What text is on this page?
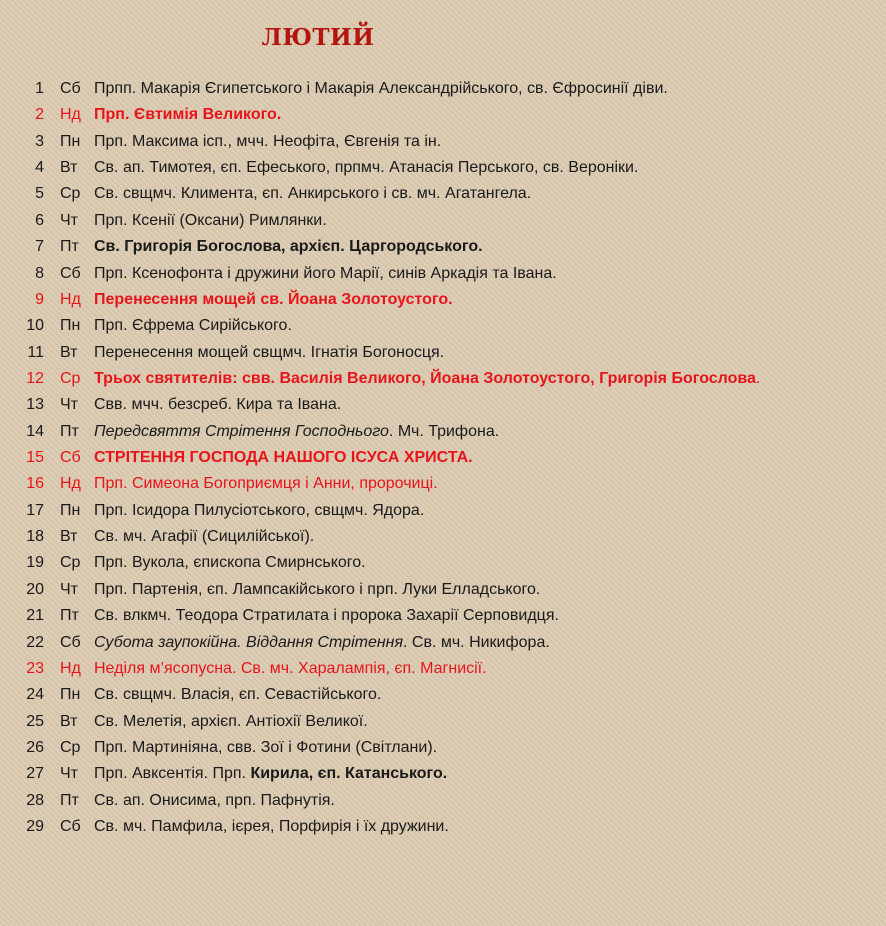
ЛЮТИЙ
1 Сб Прпп. Макарія Єгипетського і Макарія Александрійського, св. Єфросинії діви.
2 Нд Прп. Євтимія Великого.
3 Пн Прп. Максима ісп., мчч. Неофіта, Євгенія та ін.
4 Вт	Св. ап. Тимотея, єп. Ефеського, прпмч. Атанасія Перського, св. Вероніки.
5 Ср Св. свщмч. Климента, єп. Анкирського і св. мч. Агатангела.
6 Чт	Прп. Ксенії (Оксани) Римлянки.
7 Пт Св. Григорія Богослова, архієп. Царгородського.
8 Сб Прп. Ксенофонта і дружини його Марії, синів Аркадія та Івана.
9 Нд Перенесення мощей св. Йоана Золотоустого.
10 Пн Прп. Єфрема Сирійського.
11 Вт	Перенесення мощей свщмч. Ігнатія Богоносця.
12 Ср Трьох святителів: свв. Василія Великого, Йоана Золотоустого, Григорія Богослова.
13 Чт	Свв. мчч. безсреб. Кира та Івана.
14 Пт Передсвяття Стрітення Господнього. Мч. Трифона.
15 Сб СТРІТЕННЯ ГОСПОДА НАШОГО ІСУСА ХРИСТА.
16 Нд Прп. Симеона Богоприємця і Анни, пророчиці.
17 Пн Прп. Ісидора Пилусіотського, свщмч. Ядора.
18 Вт	Св. мч. Агафії (Сицилійської).
19 Ср Прп. Вукола, єпископа Смирнського.
20 Чт	Прп. Партенія, єп. Лампсакійського і прп. Луки Елладського.
21 Пт Св. влкмч. Теодора Стратилата і пророка Захарії Серповидця.
22 Сб Субота заупокійна. Віддання Стрітення. Св. мч. Никифора.
23 Нд Неділя м’ясопусна. Св. мч. Харалампія, єп. Магнисії.
24 Пн Св. свщмч. Власія, єп. Севастійського.
25 Вт	Св. Мелетія, архієп. Антіохії Великої.
26 Ср Прп. Мартиніяна, свв. Зої і Фотини (Світлани).
27 Чт	Прп. Авксентія. Прп. Кирила, єп. Катанського.
28 Пт Св. ап. Онисима, прп. Пафнутія.
29 Сб Св. мч. Памфила, ієрея, Порфирія і їх дружини.
